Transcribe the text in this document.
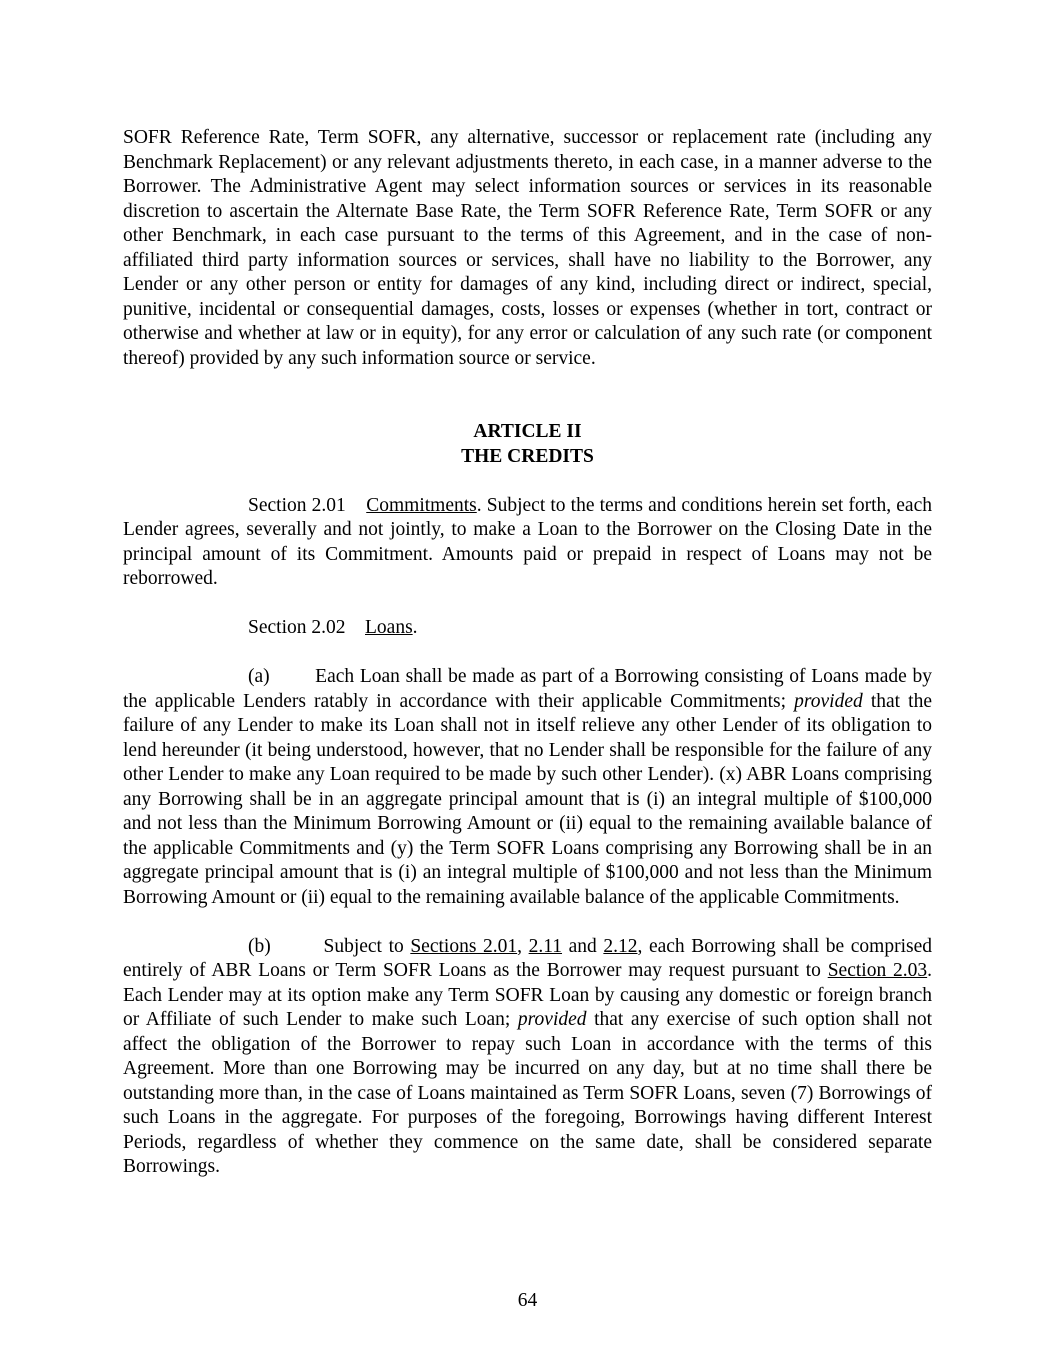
SOFR Reference Rate, Term SOFR, any alternative, successor or replacement rate (including any Benchmark Replacement) or any relevant adjustments thereto, in each case, in a manner adverse to the Borrower. The Administrative Agent may select information sources or services in its reasonable discretion to ascertain the Alternate Base Rate, the Term SOFR Reference Rate, Term SOFR or any other Benchmark, in each case pursuant to the terms of this Agreement, and in the case of non-affiliated third party information sources or services, shall have no liability to the Borrower, any Lender or any other person or entity for damages of any kind, including direct or indirect, special, punitive, incidental or consequential damages, costs, losses or expenses (whether in tort, contract or otherwise and whether at law or in equity), for any error or calculation of any such rate (or component thereof) provided by any such information source or service.

ARTICLE II

THE CREDITS

Section 2.01    Commitments. Subject to the terms and conditions herein set forth, each Lender agrees, severally and not jointly, to make a Loan to the Borrower on the Closing Date in the principal amount of its Commitment. Amounts paid or prepaid in respect of Loans may not be reborrowed.

Section 2.02    Loans.

(a)        Each Loan shall be made as part of a Borrowing consisting of Loans made by the applicable Lenders ratably in accordance with their applicable Commitments; provided that the failure of any Lender to make its Loan shall not in itself relieve any other Lender of its obligation to lend hereunder (it being understood, however, that no Lender shall be responsible for the failure of any other Lender to make any Loan required to be made by such other Lender). (x) ABR Loans comprising any Borrowing shall be in an aggregate principal amount that is (i) an integral multiple of $100,000 and not less than the Minimum Borrowing Amount or (ii) equal to the remaining available balance of the applicable Commitments and (y) the Term SOFR Loans comprising any Borrowing shall be in an aggregate principal amount that is (i) an integral multiple of $100,000 and not less than the Minimum Borrowing Amount or (ii) equal to the remaining available balance of the applicable Commitments.

(b)        Subject to Sections 2.01, 2.11 and 2.12, each Borrowing shall be comprised entirely of ABR Loans or Term SOFR Loans as the Borrower may request pursuant to Section 2.03. Each Lender may at its option make any Term SOFR Loan by causing any domestic or foreign branch or Affiliate of such Lender to make such Loan; provided that any exercise of such option shall not affect the obligation of the Borrower to repay such Loan in accordance with the terms of this Agreement. More than one Borrowing may be incurred on any day, but at no time shall there be outstanding more than, in the case of Loans maintained as Term SOFR Loans, seven (7) Borrowings of such Loans in the aggregate. For purposes of the foregoing, Borrowings having different Interest Periods, regardless of whether they commence on the same date, shall be considered separate Borrowings.

64
